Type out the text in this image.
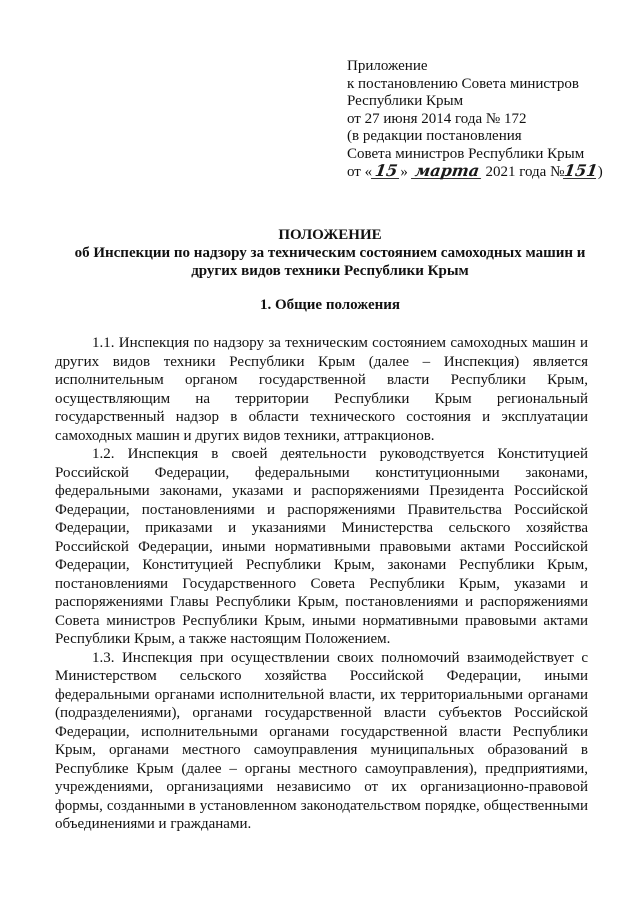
Приложение
к постановлению Совета министров
Республики Крым
от 27 июня 2014 года № 172
(в редакции постановления
Совета министров Республики Крым
от « 15 » марта 2021 года №151)
ПОЛОЖЕНИЕ
об Инспекции по надзору за техническим состоянием самоходных машин и
других видов техники Республики Крым
1. Общие положения

1.1. Инспекция по надзору за техническим состоянием самоходных машин и других видов техники Республики Крым (далее – Инспекция) является исполнительным органом государственной власти Республики Крым, осуществляющим на территории Республики Крым региональный государственный надзор в области технического состояния и эксплуатации самоходных машин и других видов техники, аттракционов.

1.2. Инспекция в своей деятельности руководствуется Конституцией Российской Федерации, федеральными конституционными законами, федеральными законами, указами и распоряжениями Президента Российской Федерации, постановлениями и распоряжениями Правительства Российской Федерации, приказами и указаниями Министерства сельского хозяйства Российской Федерации, иными нормативными правовыми актами Российской Федерации, Конституцией Республики Крым, законами Республики Крым, постановлениями Государственного Совета Республики Крым, указами и распоряжениями Главы Республики Крым, постановлениями и распоряжениями Совета министров Республики Крым, иными нормативными правовыми актами Республики Крым, а также настоящим Положением.

1.3. Инспекция при осуществлении своих полномочий взаимодействует с Министерством сельского хозяйства Российской Федерации, иными федеральными органами исполнительной власти, их территориальными органами (подразделениями), органами государственной власти субъектов Российской Федерации, исполнительными органами государственной власти Республики Крым, органами местного самоуправления муниципальных образований в Республике Крым (далее – органы местного самоуправления), предприятиями, учреждениями, организациями независимо от их организационно-правовой формы, созданными в установленном законодательством порядке, общественными объединениями и гражданами.
